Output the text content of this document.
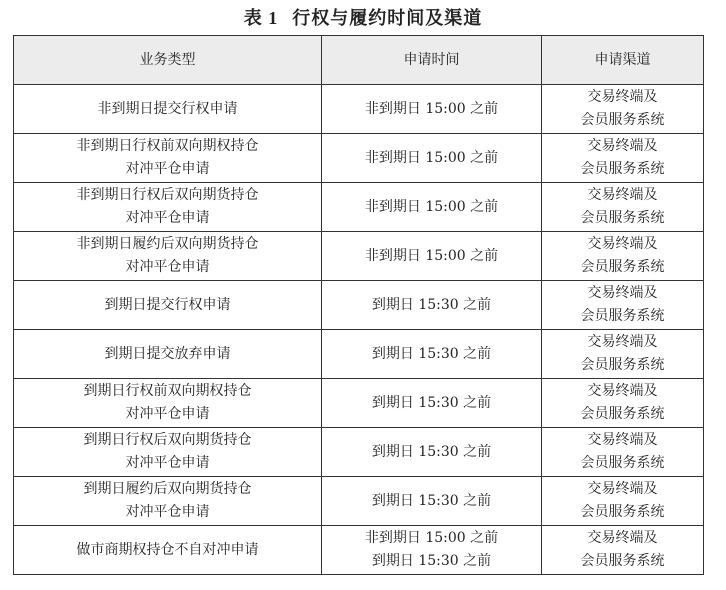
表 1 行权与履约时间及渠道
业务类型	申请时间	申请渠道

非到期日提交行权申请	非到期日 15:00 之前	交易终端及
会员服务系统

非到期日行权前双向期权持仓
对冲平仓申请	非到期日 15:00 之前	交易终端及
会员服务系统

非到期日行权后双向期货持仓
对冲平仓申请	非到期日 15:00 之前	交易终端及
会员服务系统

非到期日履约后双向期货持仓
对冲平仓申请	非到期日 15:00 之前	交易终端及
会员服务系统

到期日提交行权申请	到期日 15:30 之前	交易终端及
会员服务系统

到期日提交放弃申请	到期日 15:30 之前	交易终端及
会员服务系统

到期日行权前双向期权持仓
对冲平仓申请	到期日 15:30 之前	交易终端及
会员服务系统

到期日行权后双向期货持仓
对冲平仓申请	到期日 15:30 之前	交易终端及
会员服务系统

到期日履约后双向期货持仓
对冲平仓申请	到期日 15:30 之前	交易终端及
会员服务系统

做市商期权持仓不自对冲申请	非到期日 15:00 之前
到期日 15:30 之前	交易终端及
会员服务系统
